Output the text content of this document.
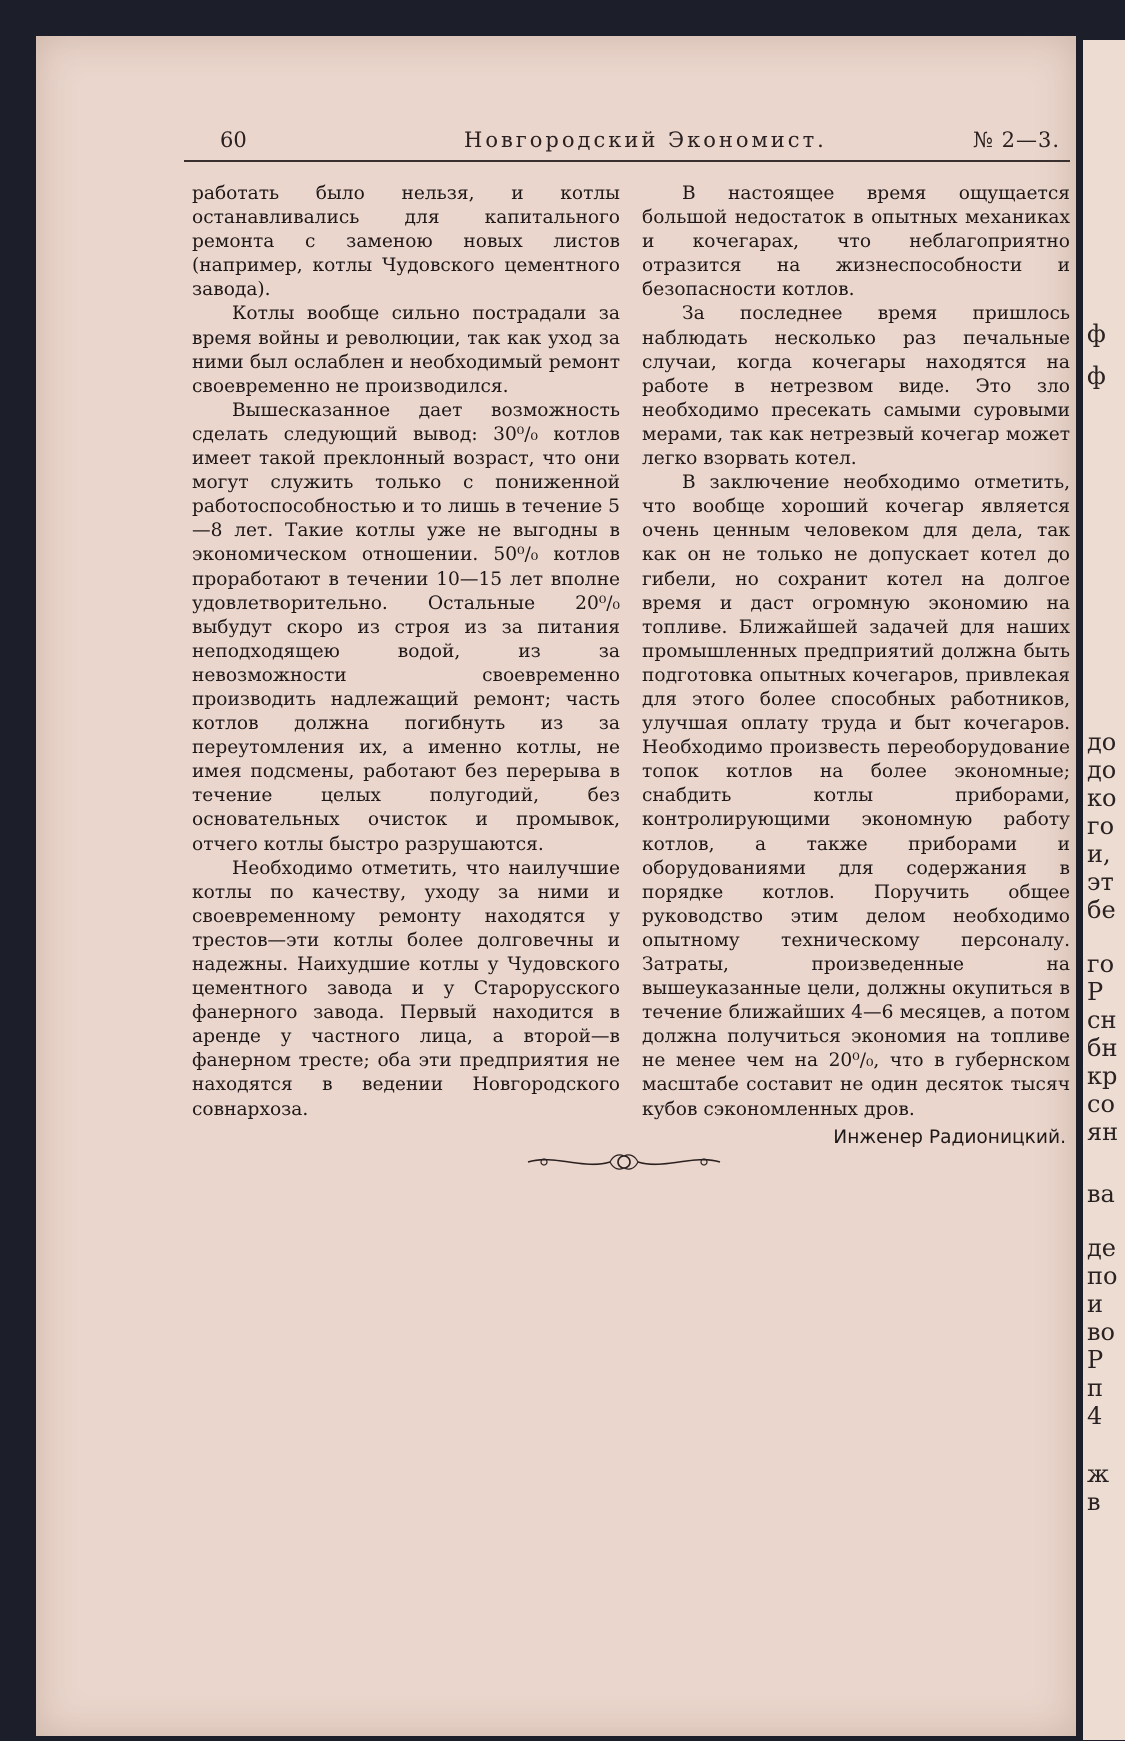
ф
ф
до
до
ко
го
и,
эт
бе
го
Р
сн
бн
кр
со
ян
ва
де
по
и
во
Р
п
4
ж
в
60	Новгородский Экономист.	№ 2—3.

работать было нельзя, и котлы останавливались для капитального ремонта с заменою новых листов (например, котлы Чудовского цементного завода).

Котлы вообще сильно пострадали за время войны и революции, так как уход за ними был ослаблен и необходимый ремонт своевременно не производился.

Вышесказанное дает возможность сделать следующий вывод: 30⁰/₀ котлов имеет такой преклонный возраст, что они могут служить только с пониженной работоспособностью и то лишь в течение 5—8 лет. Такие котлы уже не выгодны в экономическом отношении. 50⁰/₀ котлов проработают в течении 10—15 лет вполне удовлетворительно. Остальные 20⁰/₀ выбудут скоро из строя из за питания неподходящею водой, из за невозможности своевременно производить надлежащий ремонт; часть котлов должна погибнуть из за переутомления их, а именно котлы, не имея подсмены, работают без перерыва в течение целых полугодий, без основательных очисток и промывок, отчего котлы быстро разрушаются.

Необходимо отметить, что наилучшие котлы по качеству, уходу за ними и своевременному ремонту находятся у трестов—эти котлы более долговечны и надежны. Наихудшие котлы у Чудовского цементного завода и у Старорусского фанерного завода. Первый находится в аренде у частного лица, а второй—в фанерном тресте; оба эти предприятия не находятся в ведении Новгородского совнархоза.

В настоящее время ощущается большой недостаток в опытных механиках и кочегарах, что неблагоприятно отразится на жизнеспособности и безопасности котлов.

За последнее время пришлось наблюдать несколько раз печальные случаи, когда кочегары находятся на работе в нетрезвом виде. Это зло необходимо пресекать самыми суровыми мерами, так как нетрезвый кочегар может легко взорвать котел.

В заключение необходимо отметить, что вообще хороший кочегар является очень ценным человеком для дела, так как он не только не допускает котел до гибели, но сохранит котел на долгое время и даст огромную экономию на топливе. Ближайшей задачей для наших промышленных предприятий должна быть подготовка опытных кочегаров, привлекая для этого более способных работников, улучшая оплату труда и быт кочегаров. Необходимо произвесть переоборудование топок котлов на более экономные; снабдить котлы приборами, контролирующими экономную работу котлов, а также приборами и оборудованиями для содержания в порядке котлов. Поручить общее руководство этим делом необходимо опытному техническому персоналу. Затраты, произведенные на вышеуказанные цели, должны окупиться в течение ближайших 4—6 месяцев, а потом должна получиться экономия на топливе не менее чем на 20⁰/₀, что в губернском масштабе составит не один десяток тысяч кубов сэкономленных дров.

Инженер Радионицкий.
